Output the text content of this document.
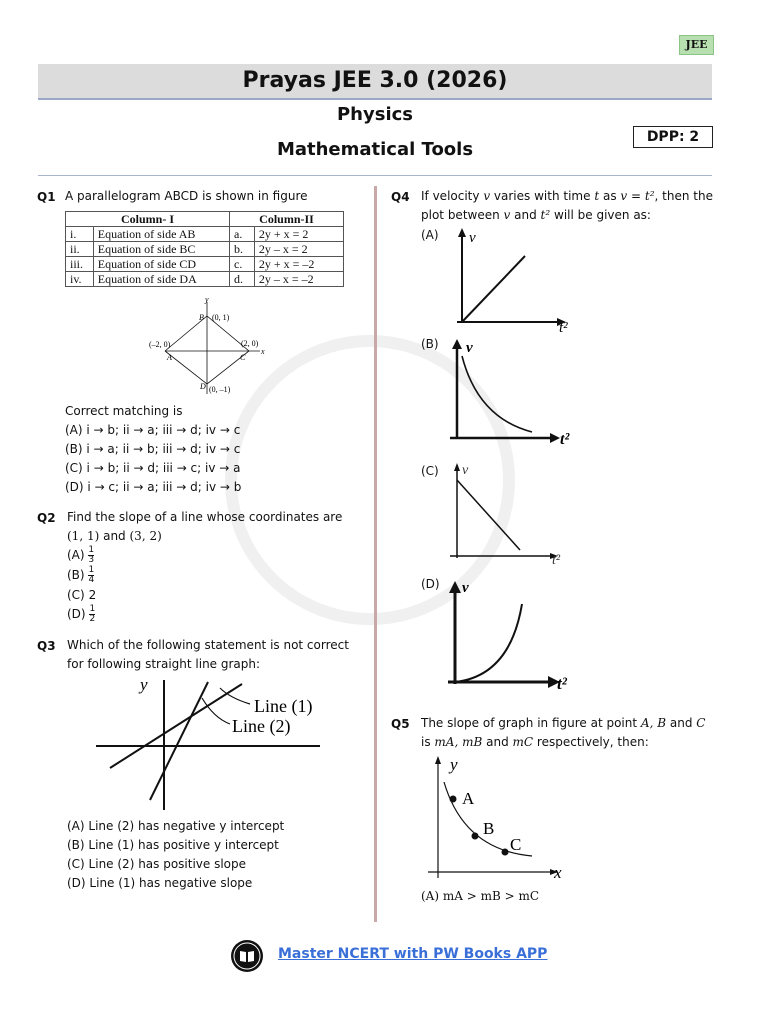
JEE
Prayas JEE 3.0 (2026)
Physics
Mathematical Tools
DPP: 2
Q1 A parallelogram ABCD is shown in figure
Column- I		Column-II	
i.	Equation of side AB	a.	2y + x = 2
ii.	Equation of side BC	b.	2y – x = 2
iii.	Equation of side CD	c.	2y + x = –2
iv.	Equation of side DA	d.	2y – x = –2
y
x
B (0, 1)
A
(–2, 0)
C
(2, 0)
D (0, –1)
Correct matching is
(A) i → b; ii → a; iii → d; iv → c
(B) i → a; ii → b; iii → d; iv → c
(C) i → b; ii → d; iii → c; iv → a
(D) i → c; ii → a; iii → d; iv → b
Q2 Find the slope of a line whose coordinates are
(1, 1) and (3, 2)
$(A) \frac{1}{3}$
$(B) \frac{1}{4}$
(C) 2
$(D) \frac{1}{2}$
Q3 Which of the following statement is not correct
for following straight line graph:
y
Line (1)
Line (2)
(A) Line (2) has negative y intercept
(B) Line (1) has positive y intercept
(C) Line (2) has positive slope
(D) Line (1) has negative slope
Q4 If velocity v varies with time t as v = t², then the
plot between v and t² will be given as:
(A) v
t²
(B) v
t²
(C) v
t²
(D) v
t²
Q5 The slope of graph in figure at point A, B and C
is mA, mB and mC respectively, then:
y
x
A
B
C
(A) mA > mB > mC
Master NCERT with PW Books APP
